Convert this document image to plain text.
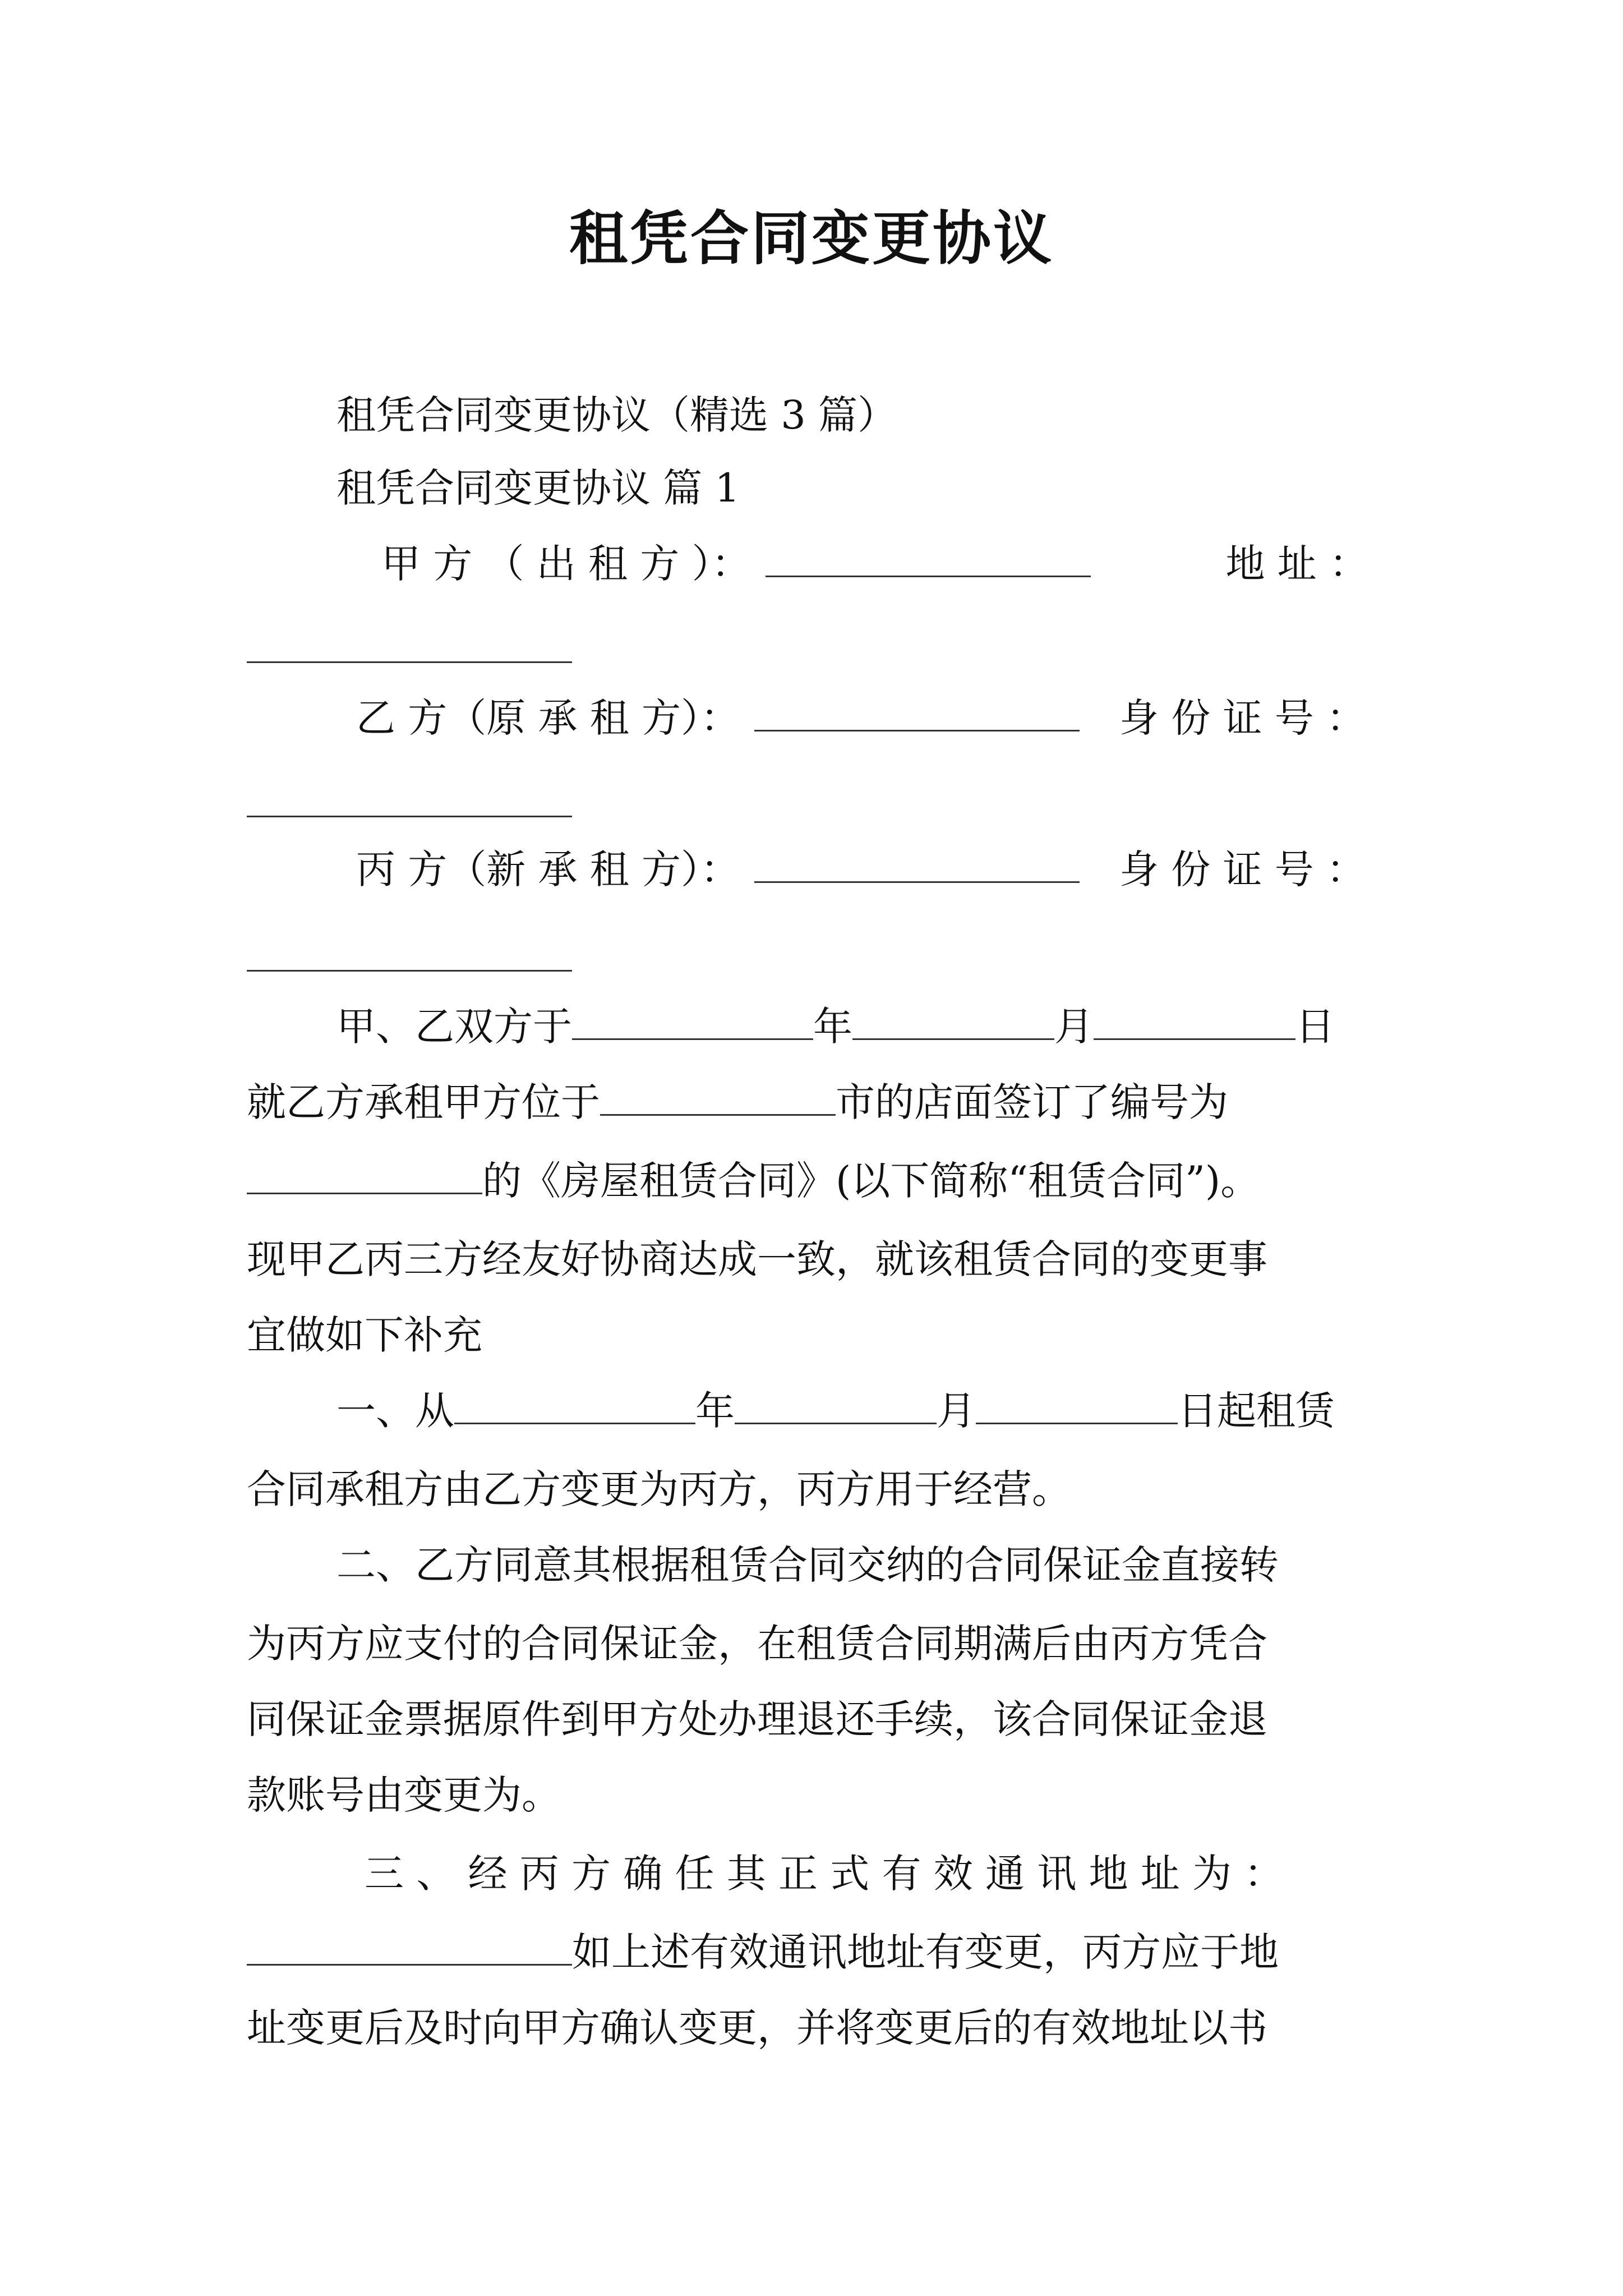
租凭合同变更协议
租凭合同变更协议（精选 3 篇）
租凭合同变更协议 篇 1
甲 方 （ 出 租 方 ）：	地 址 ：
乙 方（原 承 租 方）：	身 份 证 号 ：
丙 方（新 承 租 方）：	身 份 证 号 ：
甲、乙双方于	年	月	日
就乙方承租甲方位于	市的店面签订了编号为
的《房屋租赁合同》(以下简称“租赁合同”)。
现甲乙丙三方经友好协商达成一致，就该租赁合同的变更事
宜做如下补充
一、从	年	月	日起租赁
合同承租方由乙方变更为丙方，丙方用于经营。
二、乙方同意其根据租赁合同交纳的合同保证金直接转
为丙方应支付的合同保证金，在租赁合同期满后由丙方凭合
同保证金票据原件到甲方处办理退还手续，该合同保证金退
款账号由变更为。
三 、 经 丙 方 确 任 其 正 式 有 效 通 讯 地 址 为 ：
如上述有效通讯地址有变更，丙方应于地
址变更后及时向甲方确认变更，并将变更后的有效地址以书
